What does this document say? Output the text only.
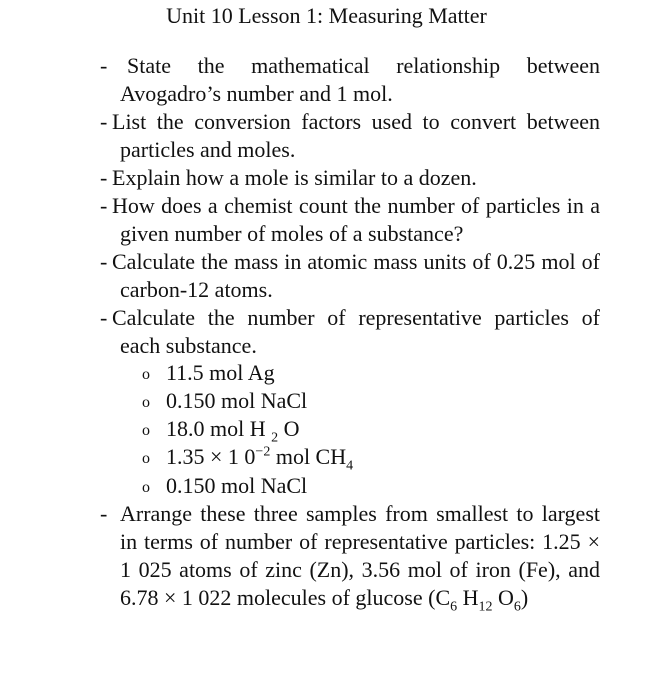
Unit 10 Lesson 1: Measuring Matter
- State the mathematical relationship between Avogadro’s number and 1 mol.

- List the conversion factors used to convert between particles and moles.

- Explain how a mole is similar to a dozen.

- How does a chemist count the number of particles in a given number of moles of a substance?

- Calculate the mass in atomic mass units of 0.25 mol of carbon-12 atoms.

- Calculate the number of representative particles of each substance.

o 11.5 mol Ag
o 0.150 mol NaCl
o 18.0 mol H $_2$ O
o 1.35 × 1 $0^{-2}$ mol $CH_4$
o 0.150 mol NaCl
- Arrange these three samples from smallest to largest in terms of number of representative particles: 1.25 × 1 025 atoms of zinc (Zn), 3.56 mol of iron (Fe), and 6.78 × 1 022 molecules of glucose ($C_6$ $H_{12}$ $O_6$)
